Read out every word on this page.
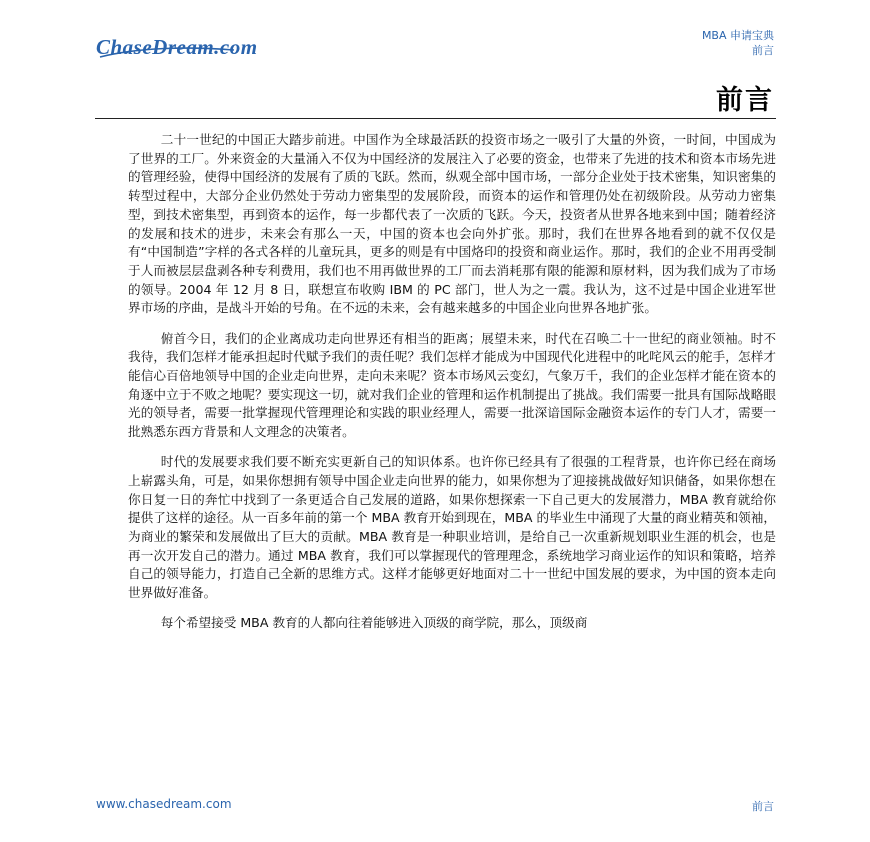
ChaseDream.com	MBA 申请宝典
前言
前言

二十一世纪的中国正大踏步前进。中国作为全球最活跃的投资市场之一吸引了大量的外资，一时间，中国成为了世界的工厂。外来资金的大量涌入不仅为中国经济的发展注入了必要的资金，也带来了先进的技术和资本市场先进的管理经验，使得中国经济的发展有了质的飞跃。然而，纵观全部中国市场，一部分企业处于技术密集，知识密集的转型过程中，大部分企业仍然处于劳动力密集型的发展阶段，而资本的运作和管理仍处在初级阶段。从劳动力密集型，到技术密集型，再到资本的运作，每一步都代表了一次质的飞跃。今天，投资者从世界各地来到中国；随着经济的发展和技术的进步，未来会有那么一天，中国的资本也会向外扩张。那时，我们在世界各地看到的就不仅仅是有“中国制造”字样的各式各样的儿童玩具，更多的则是有中国烙印的投资和商业运作。那时，我们的企业不用再受制于人而被层层盘剥各种专利费用，我们也不用再做世界的工厂而去消耗那有限的能源和原材料，因为我们成为了市场的领导。2004 年 12 月 8 日，联想宣布收购 IBM 的 PC 部门，世人为之一震。我认为，这不过是中国企业进军世界市场的序曲，是战斗开始的号角。在不远的未来，会有越来越多的中国企业向世界各地扩张。

俯首今日，我们的企业离成功走向世界还有相当的距离；展望未来，时代在召唤二十一世纪的商业领袖。时不我待，我们怎样才能承担起时代赋予我们的责任呢？我们怎样才能成为中国现代化进程中的叱咤风云的舵手，怎样才能信心百倍地领导中国的企业走向世界，走向未来呢？资本市场风云变幻，气象万千，我们的企业怎样才能在资本的角逐中立于不败之地呢？要实现这一切，就对我们企业的管理和运作机制提出了挑战。我们需要一批具有国际战略眼光的领导者，需要一批掌握现代管理理论和实践的职业经理人，需要一批深谙国际金融资本运作的专门人才，需要一批熟悉东西方背景和人文理念的决策者。

时代的发展要求我们要不断充实更新自己的知识体系。也许你已经具有了很强的工程背景，也许你已经在商场上崭露头角，可是，如果你想拥有领导中国企业走向世界的能力，如果你想为了迎接挑战做好知识储备，如果你想在你日复一日的奔忙中找到了一条更适合自己发展的道路，如果你想探索一下自己更大的发展潜力，MBA 教育就给你提供了这样的途径。从一百多年前的第一个 MBA 教育开始到现在，MBA 的毕业生中涌现了大量的商业精英和领袖，为商业的繁荣和发展做出了巨大的贡献。MBA 教育是一种职业培训，是给自己一次重新规划职业生涯的机会，也是再一次开发自己的潜力。通过 MBA 教育，我们可以掌握现代的管理理念，系统地学习商业运作的知识和策略，培养自己的领导能力，打造自己全新的思维方式。这样才能够更好地面对二十一世纪中国发展的要求，为中国的资本走向世界做好准备。

每个希望接受 MBA 教育的人都向往着能够进入顶级的商学院，那么，顶级商

www.chasedream.com	前言
